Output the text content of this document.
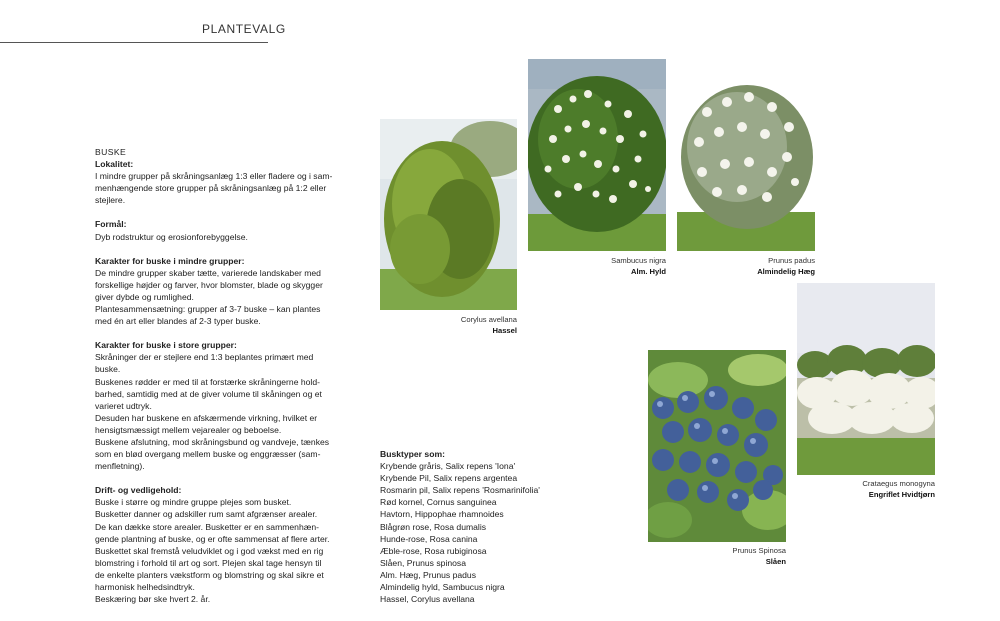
PLANTEVALG
BUSKE
Lokalitet:

I mindre grupper på skråningsanlæg 1:3 eller fladere og i sam-

menhængende store grupper på skråningsanlæg på 1:2 eller

stejlere.

Formål:

Dyb rodstruktur og erosionforebyggelse.

Karakter for buske i mindre grupper:

De mindre grupper skaber tætte, varierede landskaber med

forskellige højder og farver, hvor blomster, blade og skygger

giver dybde og rumlighed.

Plantesammensætning: grupper af 3-7 buske – kan plantes

med én art eller blandes af 2-3 typer buske.

Karakter for buske i store grupper:

Skråninger der er stejlere end 1:3 beplantes primært med

buske.

Buskenes rødder er med til at forstærke skråningerne hold-

barhed, samtidig med at de giver volume til skåningen og et

varieret udtryk.

Desuden har buskene en afskærmende virkning, hvilket er

hensigtsmæssigt mellem vejarealer og beboelse.

Buskene afslutning, mod skråningsbund og vandveje, tænkes

som en blød overgang mellem buske og enggræsser (sam-

menfletning).

Drift- og vedligehold:

Buske i større og mindre gruppe plejes som busket.

Busketter danner og adskiller rum samt afgrænser arealer.

De kan dække store arealer. Busketter er en sammenhæn-

gende plantning af buske, og er ofte sammensat af flere arter.

Buskettet skal fremstå veludviklet og i god vækst med en rig

blomstring i forhold til art og sort. Plejen skal tage hensyn til

de enkelte planters vækstform og blomstring og skal sikre et

harmonisk helhedsindtryk.

Beskæring bør ske hvert 2. år.

Busktyper som:
Krybende gråris, Salix repens 'Iona'
Krybende Pil, Salix repens argentea
Rosmarin pil, Salix repens 'Rosmarinifolia'
Rød kornel, Cornus sanguinea
Havtorn, Hippophae rhamnoides
Blågrøn rose, Rosa dumalis
Hunde-rose, Rosa canina
Æble-rose, Rosa rubiginosa
Slåen, Prunus spinosa
Alm. Hæg, Prunus padus
Almindelig hyld, Sambucus nigra
Hassel, Corylus avellana
Corylus avellana
Hassel
Sambucus nigra
Alm. Hyld
Prunus padus
Almindelig Hæg
Prunus Spinosa
Slåen
Crataegus monogyna
Engriflet Hvidtjørn
